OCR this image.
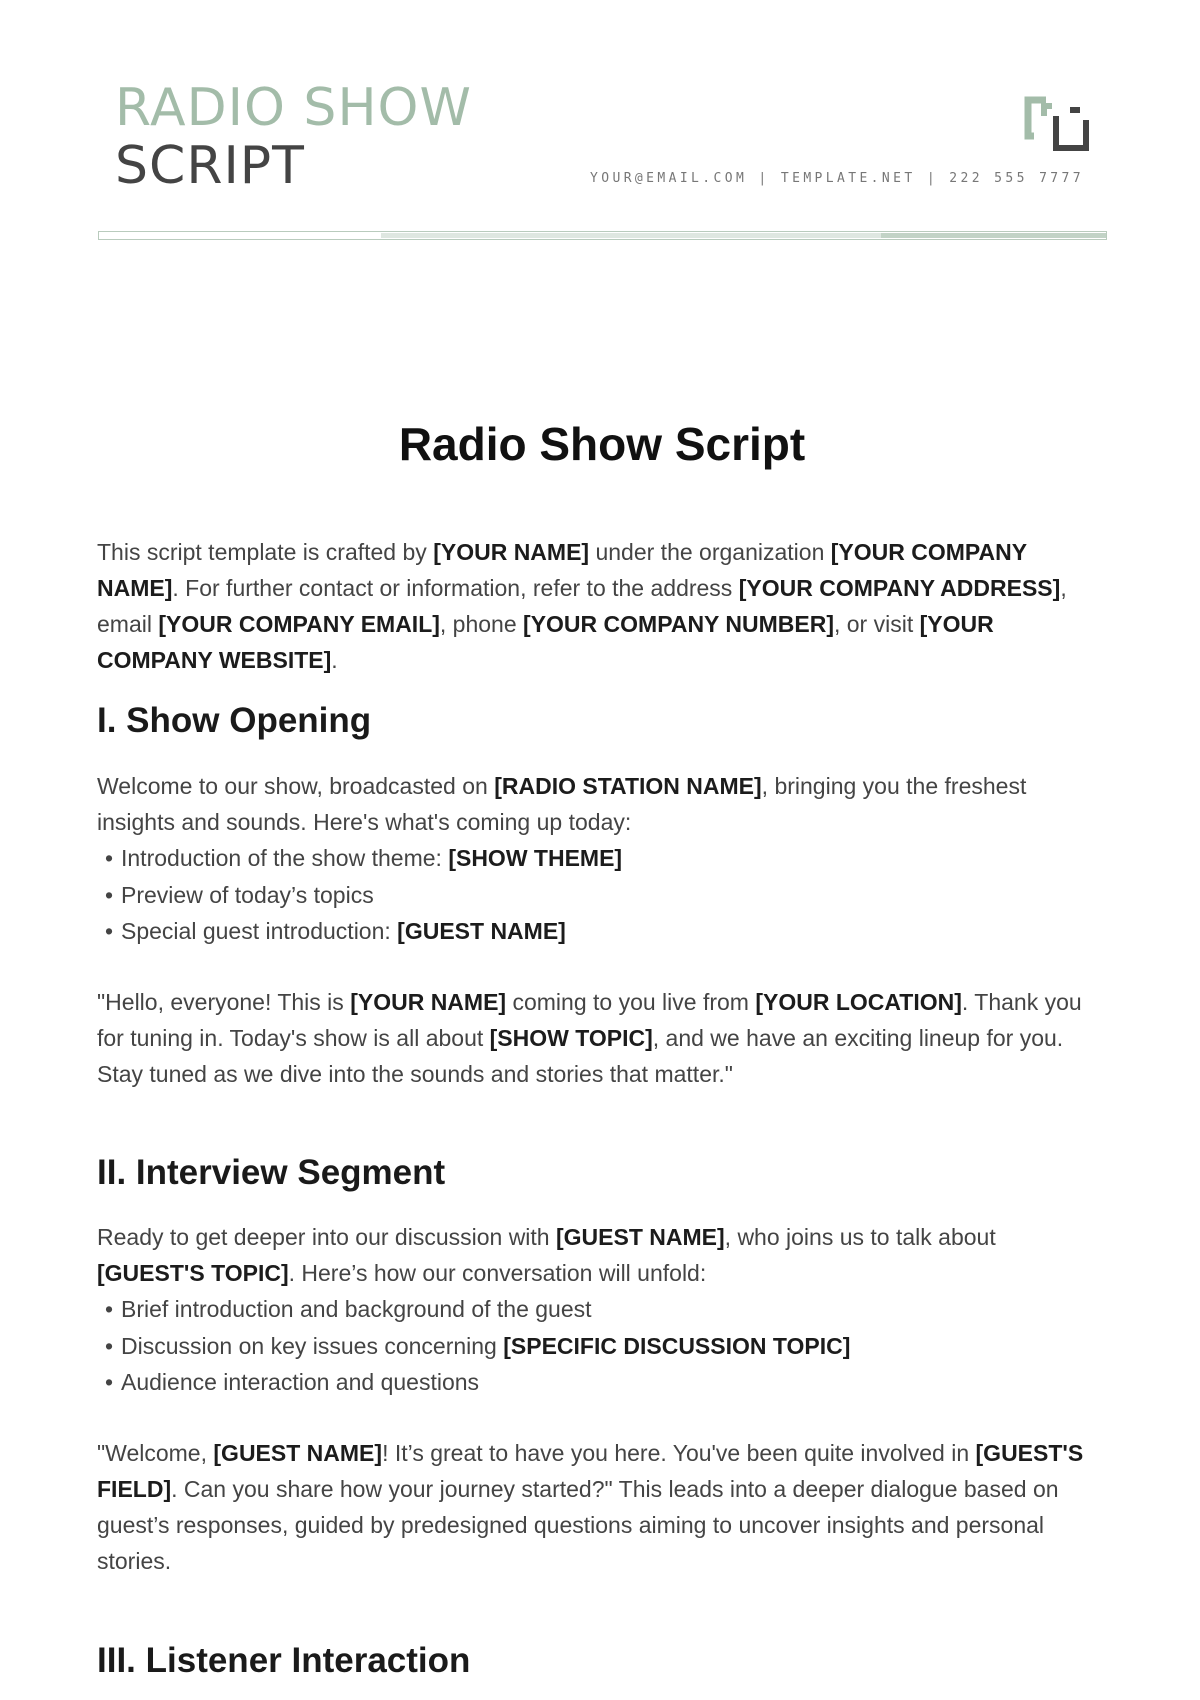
RADIO SHOW
SCRIPT	YOUR@EMAIL.COM | TEMPLATE.NET | 222 555 7777
Radio Show Script

This script template is crafted by [YOUR NAME] under the organization [YOUR COMPANY NAME]. For further contact or information, refer to the address [YOUR COMPANY ADDRESS], email [YOUR COMPANY EMAIL], phone [YOUR COMPANY NUMBER], or visit [YOUR COMPANY WEBSITE].

I. Show Opening

Welcome to our show, broadcasted on [RADIO STATION NAME], bringing you the freshest insights and sounds. Here's what's coming up today:

• Introduction of the show theme: [SHOW THEME]
• Preview of today’s topics
• Special guest introduction: [GUEST NAME]

"Hello, everyone! This is [YOUR NAME] coming to you live from [YOUR LOCATION]. Thank you for tuning in. Today's show is all about [SHOW TOPIC], and we have an exciting lineup for you. Stay tuned as we dive into the sounds and stories that matter."

II. Interview Segment

Ready to get deeper into our discussion with [GUEST NAME], who joins us to talk about [GUEST'S TOPIC]. Here’s how our conversation will unfold:

• Brief introduction and background of the guest
• Discussion on key issues concerning [SPECIFIC DISCUSSION TOPIC]
• Audience interaction and questions

"Welcome, [GUEST NAME]! It’s great to have you here. You've been quite involved in [GUEST'S FIELD]. Can you share how your journey started?" This leads into a deeper dialogue based on guest’s responses, guided by predesigned questions aiming to uncover insights and personal stories.

III. Listener Interaction
